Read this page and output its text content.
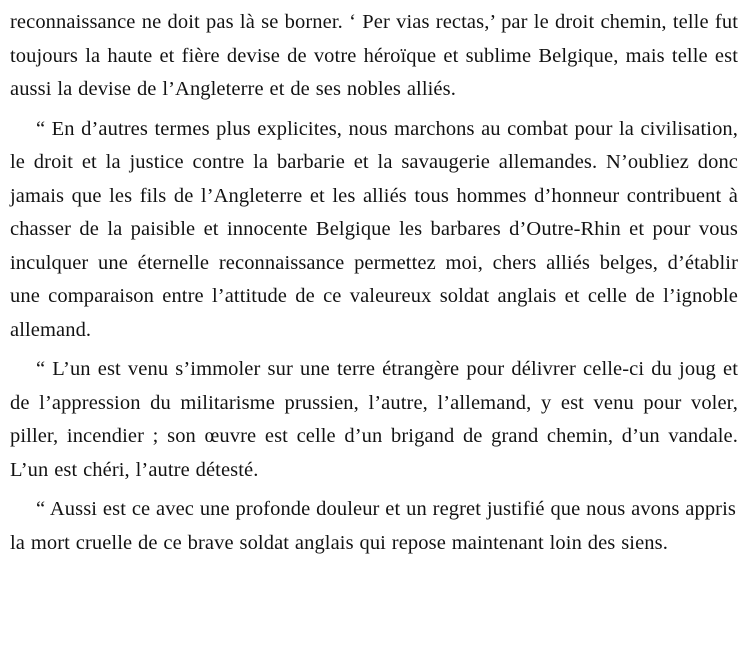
reconnaissance ne doit pas là se borner. ‘ Per vias rectas,’ par le droit chemin, telle fut toujours la haute et fière devise de votre héroïque et sublime Belgique, mais telle est aussi la devise de l’Angleterre et de ses nobles alliés.

“ En d’autres termes plus explicites, nous marchons au combat pour la civilisation, le droit et la justice contre la barbarie et la savaugerie allemandes. N’oubliez donc jamais que les fils de l’Angleterre et les alliés tous hommes d’honneur contribuent à chasser de la paisible et innocente Belgique les barbares d’Outre-Rhin et pour vous inculquer une éternelle reconnaissance permettez moi, chers alliés belges, d’établir une comparaison entre l’attitude de ce valeureux soldat anglais et celle de l’ignoble allemand.

“ L’un est venu s’immoler sur une terre étrangère pour délivrer celle-ci du joug et de l’appression du militarisme prussien, l’autre, l’allemand, y est venu pour voler, piller, incendier ; son œuvre est celle d’un brigand de grand chemin, d’un vandale. L’un est chéri, l’autre détesté.

“ Aussi est ce avec une profonde douleur et un regret justifié que nous avons appris la mort cruelle de ce brave soldat anglais qui repose maintenant loin des siens.
